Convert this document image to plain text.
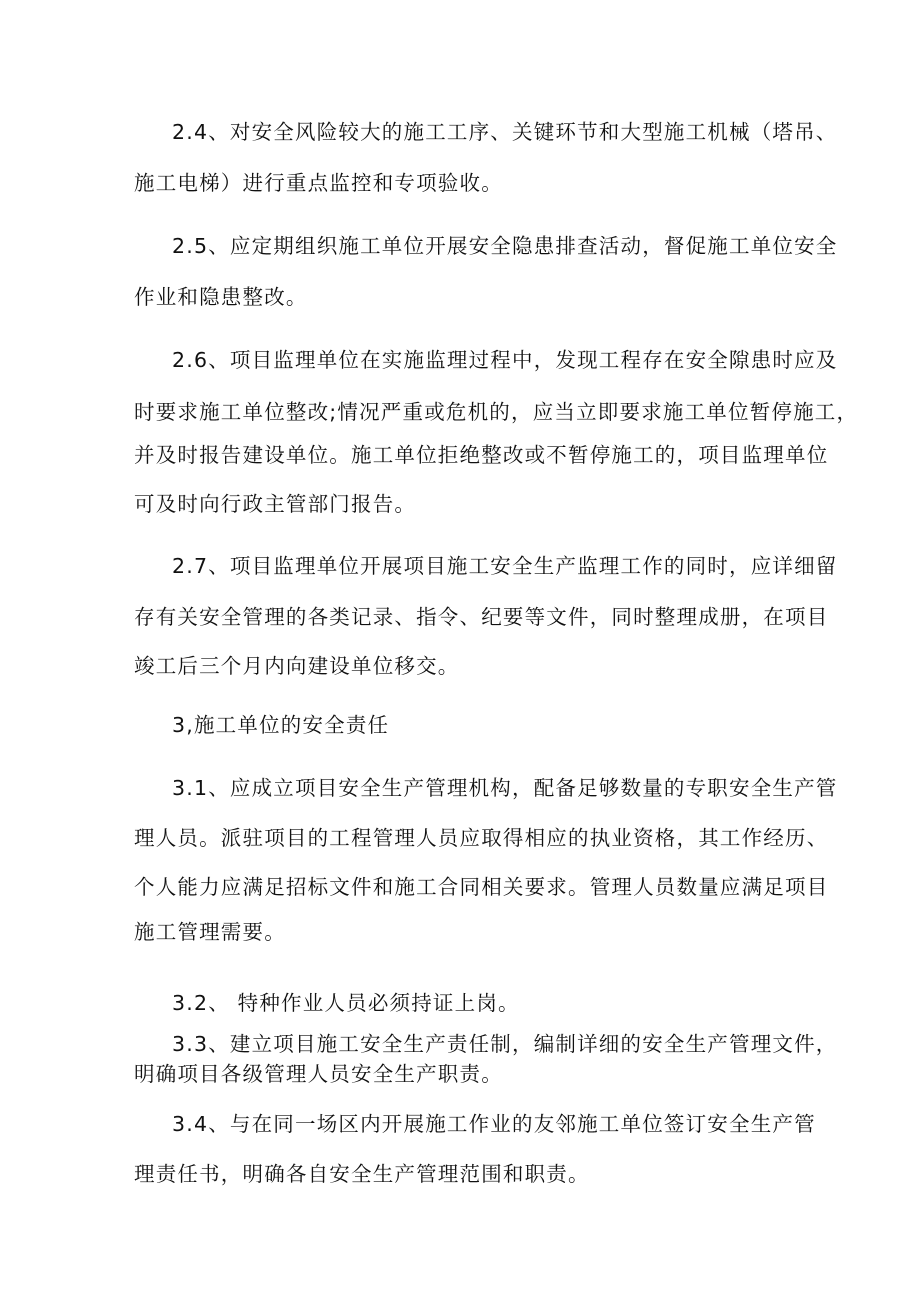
2.4、对安全风险较大的施工工序、关键环节和大型施工机械（塔吊、
施工电梯）进行重点监控和专项验收。
2.5、应定期组织施工单位开展安全隐患排查活动，督促施工单位安全
作业和隐患整改。
2.6、项目监理单位在实施监理过程中，发现工程存在安全隙患时应及
时要求施工单位整改;情况严重或危机的，应当立即要求施工单位暂停施工，
并及时报告建设单位。施工单位拒绝整改或不暂停施工的，项目监理单位
可及时向行政主管部门报告。
2.7、项目监理单位开展项目施工安全生产监理工作的同时，应详细留
存有关安全管理的各类记录、指令、纪要等文件，同时整理成册，在项目
竣工后三个月内向建设单位移交。
3,施工单位的安全责任
3.1、应成立项目安全生产管理机构，配备足够数量的专职安全生产管
理人员。派驻项目的工程管理人员应取得相应的执业资格，其工作经历、
个人能力应满足招标文件和施工合同相关要求。管理人员数量应满足项目
施工管理需要。
3.2、 特种作业人员必须持证上岗。
3.3、建立项目施工安全生产责任制，编制详细的安全生产管理文件，
明确项目各级管理人员安全生产职责。
3.4、与在同一场区内开展施工作业的友邻施工单位签订安全生产管
理责任书，明确各自安全生产管理范围和职责。
